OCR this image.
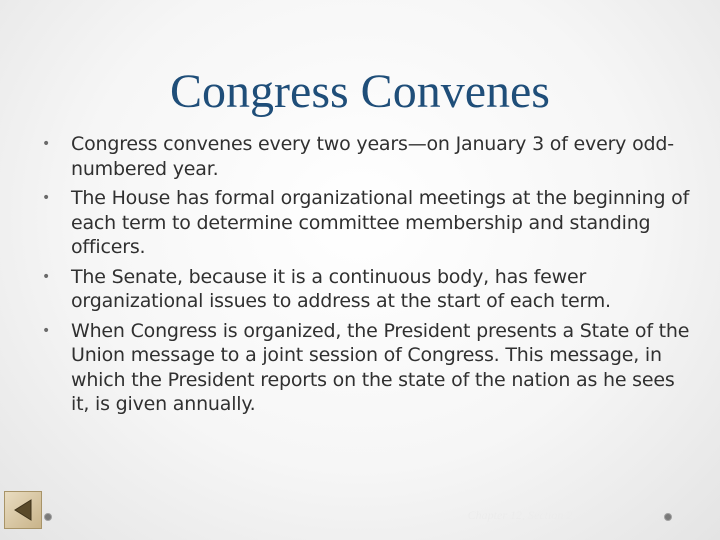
Congress Convenes
• Congress convenes every two years—on January 3 of every odd-numbered year.
• The House has formal organizational meetings at the beginning of each term to determine committee membership and standing officers.
• The Senate, because it is a continuous body, has fewer organizational issues to address at the start of each term.
• When Congress is organized, the President presents a State of the Union message to a joint session of Congress. This message, in which the President reports on the state of the nation as he sees it, is given annually.
Chapter 12, Section 2
